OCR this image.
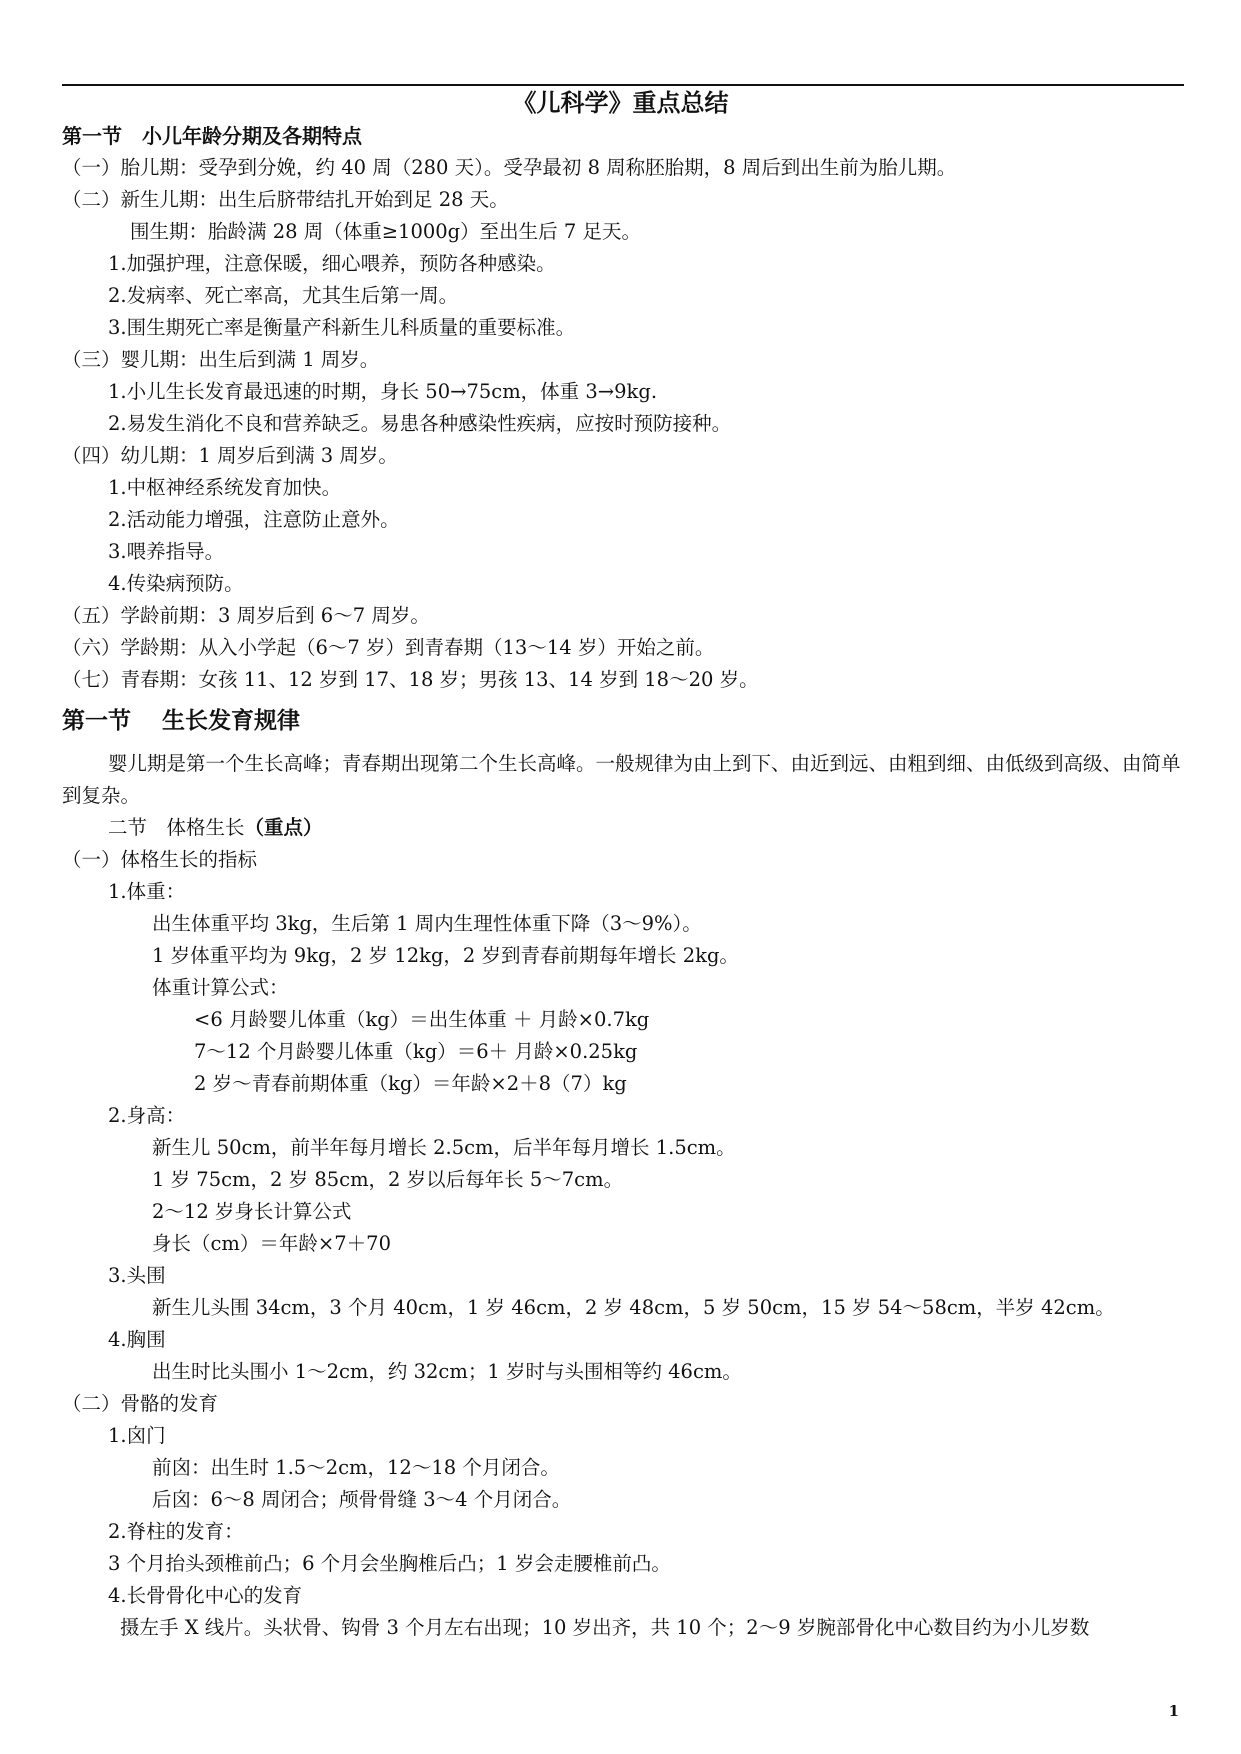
《儿科学》重点总结
第一节　小儿年龄分期及各期特点
（一）胎儿期：受孕到分娩，约 40 周（280 天）。受孕最初 8 周称胚胎期，8 周后到出生前为胎儿期。
（二）新生儿期：出生后脐带结扎开始到足 28 天。
围生期：胎龄满 28 周（体重≥1000g）至出生后 7 足天。
1.加强护理，注意保暖，细心喂养，预防各种感染。
2.发病率、死亡率高，尤其生后第一周。
3.围生期死亡率是衡量产科新生儿科质量的重要标准。
（三）婴儿期：出生后到满 1 周岁。
1.小儿生长发育最迅速的时期，身长 50→75cm，体重 3→9kg.
2.易发生消化不良和营养缺乏。易患各种感染性疾病，应按时预防接种。
（四）幼儿期：1 周岁后到满 3 周岁。
1.中枢神经系统发育加快。
2.活动能力增强，注意防止意外。
3.喂养指导。
4.传染病预防。
（五）学龄前期：3 周岁后到 6～7 周岁。
（六）学龄期：从入小学起（6～7 岁）到青春期（13～14 岁）开始之前。
（七）青春期：女孩 11、12 岁到 17、18 岁；男孩 13、14 岁到 18～20 岁。
第一节　 生长发育规律
婴儿期是第一个生长高峰；青春期出现第二个生长高峰。一般规律为由上到下、由近到远、由粗到细、由低级到高级、由简单到复杂。
二节　体格生长（重点）
（一）体格生长的指标
1.体重：
出生体重平均 3kg，生后第 1 周内生理性体重下降（3～9%）。
1 岁体重平均为 9kg，2 岁 12kg，2 岁到青春前期每年增长 2kg。
体重计算公式：
<6 月龄婴儿体重（kg）＝出生体重 ＋ 月龄×0.7kg
7～12 个月龄婴儿体重（kg）＝6＋ 月龄×0.25kg
2 岁～青春前期体重（kg）＝年龄×2＋8（7）kg
2.身高：
新生儿 50cm，前半年每月增长 2.5cm，后半年每月增长 1.5cm。
1 岁 75cm，2 岁 85cm，2 岁以后每年长 5～7cm。
2～12 岁身长计算公式
身长（cm）＝年龄×7＋70
3.头围
新生儿头围 34cm，3 个月 40cm，1 岁 46cm，2 岁 48cm，5 岁 50cm，15 岁 54～58cm，半岁 42cm。
4.胸围
出生时比头围小 1～2cm，约 32cm；1 岁时与头围相等约 46cm。
（二）骨骼的发育
1.囟门
前囟：出生时 1.5～2cm，12～18 个月闭合。
后囟：6～8 周闭合；颅骨骨缝 3～4 个月闭合。
2.脊柱的发育：
3 个月抬头颈椎前凸；6 个月会坐胸椎后凸；1 岁会走腰椎前凸。
4.长骨骨化中心的发育
摄左手 X 线片。头状骨、钩骨 3 个月左右出现；10 岁出齐，共 10 个；2～9 岁腕部骨化中心数目约为小儿岁数
1
